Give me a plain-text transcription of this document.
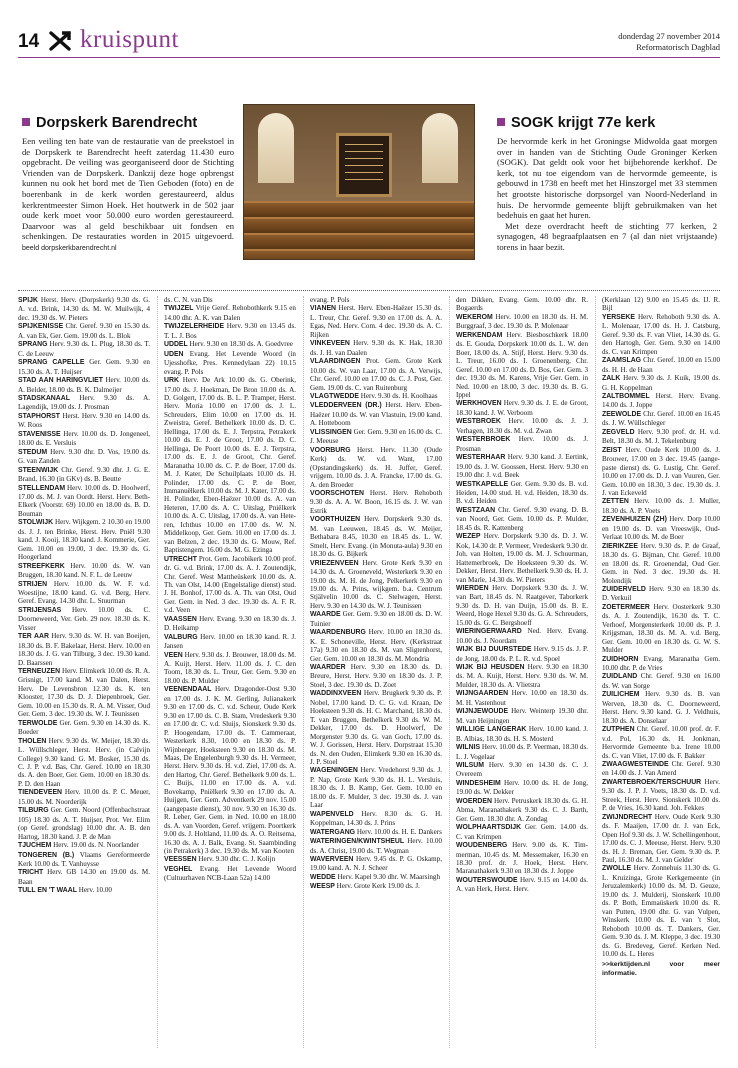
14 kruispunt	donderdag 27 november 2014
Reformatorisch Dagblad
Dorpskerk Barendrecht

Een veiling ten bate van de restauratie van de preekstoel in de Dorpskerk te Barendrecht heeft zaterdag 11.430 euro opgebracht. De veiling was georganiseerd door de Stichting Vrienden van de Dorpskerk. Dankzij deze hoge opbrengst kunnen nu ook het bord met de Tien Geboden (foto) en de boerenbank in de kerk worden gerestaureerd, aldus kerkrentmeester Simon Hoek. Het houtwerk in de 502 jaar oude kerk moet voor 50.000 euro worden gerestaureerd. Daarvoor was al geld beschikbaar uit fondsen en schenkingen. De restauraties worden in 2015 uitgevoerd. beeld dorpskerkbarendrecht.nl

SOGK krijgt 77e kerk

De hervormde kerk in het Groningse Midwolda gaat morgen over in handen van de Stichting Oude Groninger Kerken (SOGK). Dat geldt ook voor het bijbehorende kerkhof. De kerk, tot nu toe eigendom van de hervormde gemeente, is gebouwd in 1738 en heeft met het Hinszorgel met 33 stemmen het grootste historische dorpsorgel van Noord-Nederland in huis. De hervormde gemeente blijft gebruikmaken van het bedehuis en gaat het huren.

Met deze overdracht heeft de stichting 77 kerken, 2 synagogen, 48 begraafplaatsen en 7 (al dan niet vrijstaande) torens in haar bezit.

SPIJK Herst. Herv. (Dorpskerk) 9.30 ds. G. A. v.d. Brink, 14.30 ds. M. W. Muilwijk, 4 dec. 19.30 ds. W. Pieters

SPIJKENISSE Chr. Geref. 9.30 en 15.30 ds. A. van Ek, Ger. Gem. 19.00 ds. L. Blok

SPRANG Herv. 9.30 ds. L. Plug, 18.30 ds. T. C. de Leeuw

SPRANG CAPELLE Ger. Gem. 9.30 en 15.30 ds. A. T. Huijser

STAD AAN HARINGVLIET Herv. 10.00 ds. A. Belder, 18.00 ds. B. K. Dalmeijer

STADSKANAAL Herv. 9.30 ds. A. Lagendijk, 19.00 ds. J. Prosman

STAPHORST Herst. Herv. 9.30 en 14.00 ds. W. Roos

STAVENISSE Herv. 10.00 ds. D. Jongeneel, 18.00 ds. E. Versluis

STEDUM Herv. 9.30 dhr. D. Vos, 19.00 ds. G. van Zanden

STEENWIJK Chr. Geref. 9.30 dhr. J. G. E. Brand, 16.30 (in GKv) ds. B. Beutte

STELLENDAM Herv. 10.00 ds. D. Hoolwerf, 17.00 ds. M. J. van Oordt. Herst. Herv. Beth-Elkerk (Voorstr. 69) 10.00 en 18.00 ds. B. D. Bouman

STOLWIJK Herv. Wijkgem. 2 10.30 en 19.00 ds. J. J. ten Brinke, Herst. Herv. Pniël 9.30 kand. J. Kooij, 18.30 kand. J. Kommerie, Ger. Gem. 10.00 en 19.00, 3 dec. 19.30 ds. G. Hoogerland

STREEFKERK Herv. 10.00 ds. W. van Bruggen, 18.30 kand. N. F. L. de Leeuw

STRIJEN Herv. 10.00 ds. W. F. v.d. Woestijne, 18.00 kand. G. v.d. Berg, Herv. Geref. Evang. 14.30 dhr. L. Stuurman

STRIJENSAS Herv. 10.00 ds. C. Doorneweerd, Ver. Geb. 29 nov. 18.30 ds. K. Visser

TER AAR Herv. 9.30 ds. W. H. van Boeijen, 18.30 ds. B. F. Bakelaar, Herst. Herv. 10.00 en 18.30 ds. J. G. van Tilburg, 3 dec. 19.30 kand. D. Baarssen

TERNEUZEN Herv. Elimkerk 10.00 ds. R. A. Grisnigt, 17.00 kand. M. van Dalen, Herst. Herv. De Levensbron 12.30 ds. K. ten Klooster, 17.30 ds. D. J. Diepenbroek, Ger. Gem. 10.00 en 15.30 ds. R. A. M. Visser, Oud Ger. Gem. 3 dec. 19.30 ds. W. J. Teunissen

TERWOLDE Ger. Gem. 9.30 en 14.30 ds. K. Boeder

THOLEN Herv. 9.30 ds. W. Meijer, 18.30 ds. L. Wüllschleger, Herst. Herv. (in Calvijn College) 9.30 kand. G. M. Bosker, 15.30 ds. C. J. P. v.d. Bas, Chr. Geref. 10.00 en 18.30 ds. A. den Boer, Ger. Gem. 10.00 en 18.30 ds. P. D. den Haan

TIENDEVEEN Herv. 10.00 ds. P. C. Meuer, 15.00 ds. M. Noorderijk

TILBURG Ger. Gem. Noord (Offenbachstraat 105) 18.30 ds. A. T. Huijser, Prot. Ver. Elim (op Geref. grondslag) 10.00 dhr. A. B. den Hartog, 18.30 kand. J. P. de Man

TJUCHEM Herv. 19.00 ds. N. Noorlander

TONGEREN (B.) Vlaams Gereformeerde Kerk 10.00 ds. T. Vanhuysse

TRICHT Herv. GB 14.30 en 19.00 ds. M. Baan

TULL EN 'T WAAL Herv. 10.00

ds. C. N. van Dis

TWIJZEL Vrije Geref. Rehobothkerk 9.15 en 14.00 dhr. A. K. van Dalen

TWIJZELERHEIDE Herv. 9.30 en 13.45 ds. T. L. J. Bos

UDDEL Herv. 9.30 en 18.30 ds. A. Goedvree

UDEN Evang. Het Levende Woord (in Ujesshofke, Pres. Kennedylaan 22) 10.15 evang. P. Pols

URK Herv. De Ark 10.00 ds. G. Oberink, 17.00 ds. J. Hoekman, De Bron 10.00 ds. A. D. Golgert, 17.00 ds. B. L. P. Tramper, Herst. Herv. Moria 10.00 en 17.00 ds. J. L. Schreuders, Elim 10.00 en 17.00 ds. H. Zweistra, Geref. Bethelkerk 10.00 ds. D. C. Hellinga, 17.00 ds. E. J. Terpstra, Petrakerk 10.00 ds. E. J. de Groot, 17.00 ds. D. C. Hellinga, De Poort 10.00 ds. E. J. Terpstra, 17.00 ds. E. J. de Groot, Chr. Geref. Maranatha 10.00 ds. C. P. de Boer, 17.00 ds. M. J. Kater, De Schuilplaats 10.00 ds. H. Polinder, 17.00 ds. C. P. de Boer, Immanuëlkerk 10.00 ds. M. J. Kater, 17.00 ds. H. Polinder, Eben-Haëzer 10.00 ds. A. van Heteren, 17.00 ds. A. C. Uitslag, Pniëlkerk 10.00 ds. A. C. Uitslag, 17.00 ds. A. van Heteren, Ichthus 10.00 en 17.00 ds. W. N. Middelkoop, Ger. Gem. 10.00 en 17.00 ds. J. van Belzen, 2 dec. 19.30 ds. G. Mouw, Ref. Baptistengem. 16.00 ds. M. G. Ezinga

UTRECHT Prot. Gem. Jacobikerk 10.00 prof. dr. G. v.d. Brink, 17.00 ds. A. J. Zoutendijk, Chr. Geref. West Mattheüskerk 10.00 ds. A. Th. van Olst, 14.00 (Engelstalige dienst) stud. J. H. Bonhof, 17.00 ds. A. Th. van Olst, Oud Ger. Gem. in Ned. 3 dec. 19.30 ds. A. F. R. v.d. Veen

VAASSEN Herv. Evang. 9.30 en 18.30 ds. J. D. Heikamp

VALBURG Herv. 10.00 en 18.30 kand. R. J. Jansen

VEEN Herv. 9.30 ds. J. Brouwer, 18.00 ds. M. A. Kuijt, Herst. Herv. 11.00 ds. J. C. den Toom, 18.30 ds. L. Treur, Ger. Gem. 9.30 en 18.00 ds. P. Mulder

VEENENDAAL Herv. Dragonder-Oost 9.30 en 17.00 ds. J. K. M. Gerling, Julianakerk 9.30 en 17.00 ds. C. v.d. Scheur, Oude Kerk 9.30 en 17.00 ds. C. B. Stam, Vredeskerk 9.30 en 17.00 dr. C. v.d. Sluijs, Sionskerk 9.30 ds. P. Hoogendam, 17.00 ds. T. Cammeraat, Westerkerk 8.30, 10.00 en 18.30 ds. P. Wijnberger, Hoeksteen 9.30 en 18.30 ds. M. Maas, De Engelenburgh 9.30 ds. H. Vermeer, Herst. Herv. 9.30 ds. H. v.d. Ziel, 17.00 ds. A. den Hartog, Chr. Geref. Bethelkerk 9.00 ds. L. C. Buijs, 11.00 en 17.00 ds. A. v.d. Bovekamp, Pniëlkerk 9.30 en 17.00 ds. A. Huijgen, Ger. Gem. Adventkerk 29 nov. 15.00 (aangepaste dienst), 30 nov. 9.30 en 16.30 ds. R. Leber, Ger. Gem. in Ned. 10.00 en 18.00 ds. A. van Voorden, Geref. vrijgem. Poortkerk 9.00 ds. J. Holtland, 11.00 ds. A. O. Reitsema, 16.30 ds. A. J. Balk, Evang. St. Saambinding (in Petrakerk) 3 dec. 19.30 ds. M. van Kooten

VEESSEN Herv. 9.30 dhr. C. J. Kolijn

VEGHEL Evang. Het Levende Woord (Cultuurhaven NCB-Laan 52a) 14.00

evang. P. Pols

VIANEN Herst. Herv. Eben-Haëzer 15.30 ds. L. Treur, Chr. Geref. 9.30 en 17.00 ds. A. A. Egas, Ned. Herv. Com. 4 dec. 19.30 ds. A. C. Rijken

VINKEVEEN Herv. 9.30 ds. K. Hak, 18.30 ds. J. H. van Daalen

VLAARDINGEN Prot. Gem. Grote Kerk 10.00 ds. W. van Laar, 17.00 ds. A. Verwijs, Chr. Geref. 10.00 en 17.00 ds. C. J. Post, Ger. Gem. 19.00 ds. C. van Ruitenburg

VLAGTWEDDE Herv. 9.30 ds. H. Koolhaas

VLEDDERVEEN (DR.) Herst. Herv. Eben-Haëzer 10.00 ds. W. van Vlastuin, 19.00 kand. A. Hotteboom

VLISSINGEN Ger. Gem. 9.30 en 16.00 ds. C. J. Meeuse

VOORBURG Herst. Herv. 11.30 (Oude Kerk) ds. W. v.d. Want, 17.00 (Opstandingskerk) ds. H. Juffer, Geref. vrijgem. 10.00 ds. J. A. Francke, 17.00 ds. G. A. den Broeder

VOORSCHOTEN Herst. Herv. Rehoboth 9.30 ds. A. A. W. Boon, 16.15 ds. J. W. van Estrik

VOORTHUIZEN Herv. Dorpskerk 9.30 ds. M. van Leeuwen, 18.45 ds. W. Meijer, Bethabara 8.45, 10.30 en 18.45 ds. L. W. Smelt, Herv. Evang. (in Monuta-aula) 9.30 en 18.30 ds. G. Bijkerk

VRIEZENVEEN Herv. Grote Kerk 9.30 en 14.30 ds. A. Groeneveld, Westerkerk 9.30 en 19.00 ds. M. H. de Jong, Pelkerkerk 9.30 en 19.00 ds. A. Prins, wijkgem. b.a. Centrum Stjälvelin 10.00 ds. C. Stelwagen, Herst. Herv. 9.30 en 14.30 ds. W. J. Teunissen

WAARDE Ger. Gem. 9.30 en 18.00 ds. D. W. Tuinier

WAARDENBURG Herv. 10.00 en 18.30 ds. K. E. Schoneville, Herst. Herv. (Kerkstraat 17a) 9.30 en 18.30 ds. M. van Sligtenhorst, Ger. Gem. 10.00 en 18.30 ds. M. Mondria

WAARDER Herv. 9.30 en 18.30 ds. D. Breure, Herst. Herv. 9.30 en 18.30 ds. J. P. Stoel, 3 dec. 19.30 ds. D. Zoet

WADDINXVEEN Herv. Brugkerk 9.30 ds. P. Nobel, 17.00 kand. D. C. G. v.d. Kraan, De Hoeksteen 9.30 ds. H. C. Marchand, 18.30 ds. T. van Bruggen, Bethelkerk 9.30 ds. W. M. Dekker, 17.00 ds. D. Hoolwerf, De Morgenster 9.30 ds. G. van Goch, 17.00 ds. W. J. Gorissen, Herst. Herv. Dorpstraat 15.30 ds. N. den Ouden, Elimkerk 9.30 en 16.30 ds. J. P. Stoel

WAGENINGEN Herv. Vredehorst 9.30 ds. J. P. Nap, Grote Kerk 9.30 ds. H. L. Versluis, 18.30 ds. J. B. Kamp, Ger. Gem. 10.00 en 18.00 ds. F. Mulder, 3 dec. 19.30 ds. J. van Laar

WAPENVELD Herv. 8.30 ds. G. H. Koppelman, 14.30 ds. J. Prins

WATERGANG Herv. 10.00 ds. H. E. Dankers

WATERINGEN/KWINTSHEUL Herv. 10.00 ds. A. Christ, 19.00 ds. T. Wegman

WAVERVEEN Herv. 9.45 ds. P. G. Oskamp, 19.00 kand. A. N. J. Scheer

WEDDE Herv. Kapel 9.30 dhr. W. Maarsingh

WEESP Herv. Grote Kerk 19.00 ds. J.

den Dikken, Evang. Gem. 10.00 dhr. R. Bogaerds

WEKEROM Herv. 10.00 en 18.30 ds. H. M. Burggraaf, 3 dec. 19.30 ds. P. Molenaar

WERKENDAM Herv. Biesboschkerk 18.00 ds. E. Gouda, Dorpskerk 10.00 ds. L. W. den Boer, 18.00 ds. A. Stijf, Herst. Herv. 9.30 ds. L. Treur, 16.00 ds. I. Groenenberg, Chr. Geref. 10.00 en 17.00 ds. D. Bos, Ger. Gem. 3 dec. 19.30 ds. M. Karens, Vrije Ger. Gem. in Ned. 10.00 en 18.00, 3 dec. 19.30 ds. B. G. Ippel

WERKHOVEN Herv. 9.30 ds. J. E. de Groot, 18.30 kand. J. W. Verboom

WESTBROEK Herv. 10.00 ds. J. J. Verhagen, 18.30 ds. M. v.d. Zwan

WESTERBROEK Herv. 10.00 ds. J. Prosman

WESTERHAAR Herv. 9.30 kand. J. Eertink, 19.00 ds. J. W. Goossen, Herst. Herv. 9.30 en 19.00 dhr. J. v.d. Beek

WESTKAPELLE Ger. Gem. 9.30 ds. B. v.d. Heiden, 14.00 stud. H. v.d. Heiden, 18.30 ds. B. v.d. Heiden

WESTZAAN Chr. Geref. 9.30 evang. D. B. van Noord, Ger. Gem. 10.00 ds. P. Mulder, 18.45 ds. R. Kattenberg

WEZEP Herv. Dorpskerk 9.30 ds. D. J. W. Kok, 14.30 dr. P. Vermeer, Vredeskerk 9.30 dr. Joh. van Holten, 19.00 ds. M. J. Schuurman, Hattemerbroek, De Hoeksteen 9.30 ds. W. Dekker, Herst. Herv. Bethelkerk 9.30 ds. H. J. van Marle, 14.30 ds. W. Pieters

WIERDEN Herv. Dorpskerk 9.30 ds. J. W. van Bart, 18.45 ds. N. Raatgever, Taborkerk 9.30 ds. D. H. van Duijn, 15.00 ds. B. E. Weerd, Hoge Hexel 9.30 ds. G. A. Schreuders, 15.00 ds. G. C. Bergshoeff

WIERINGERWAARD Ned. Herv. Evang. 10.00 ds. J. Noordam

WIJK BIJ DUURSTEDE Herv. 9.15 ds. J. P. de Jong, 18.00 ds. P. L. R. v.d. Spoel

WIJK BIJ HEUSDEN Herv. 9.30 en 18.30 ds. M. A. Kuijt, Herst. Herv. 9.30 ds. W. M. Mulder, 18.30 ds. A. Vlietstra

WIJNGAARDEN Herv. 10.00 en 18.30 ds. M. H. Vastenhout

WIJNJEWOUDE Herv. Weinterp 19.30 dhr. M. van Heijningen

WILLIGE LANGERAK Herv. 10.00 kand. J. B. Albias, 18.30 ds. H. S. Mosterd

WILNIS Herv. 10.00 ds. P. Veerman, 18.30 ds. L. J. Vogelaar

WILSUM Herv. 9.30 en 14.30 ds. C. J. Overeem

WINDESHEIM Herv. 10.00 ds. H. de Jong, 19.00 ds. W. Dekker

WOERDEN Herv. Petruskerk 18.30 ds. G. H. Abma, Maranathakerk 9.30 ds. C. J. Barth, Ger. Gem. 18.30 dhr. A. Zondag

WOLPHAARTSDIJK Ger. Gem. 14.00 ds. C. van Krimpen

WOUDENBERG Herv. 9.00 ds. K. Timmerman, 10.45 ds. M. Messemaker, 16.30 en 18.30 prof. dr. J. Hoek, Herst. Herv. Maranathakerk 9.30 en 18.30 ds. J. Joppe

WOUTERSWOUDE Herv. 9.15 en 14.00 ds. A. van Herk, Herst. Herv.

(Kerklaan 12) 9.00 en 15.45 ds. IJ. R. Bijl

YERSEKE Herv. Rehoboth 9.30 ds. A. L. Molenaar, 17.00 ds. H. J. Catsburg, Geref. 9.30 ds. F. van Vliet, 14.30 ds. G. den Hartogh, Ger. Gem. 9.30 en 14.00 ds. C. van Krimpen

ZAAMSLAG Chr. Geref. 10.00 en 15.00 ds. H. H. de Haan

ZALK Herv. 9.30 ds. J. Kuik, 19.00 ds. G. H. Koppelman

ZALTBOMMEL Herst. Herv. Evang. 14.00 ds. J. Joppe

ZEEWOLDE Chr. Geref. 10.00 en 16.45 ds. J. W. Wüllschleger

ZEGVELD Herv. 9.30 prof. dr. H. v.d. Belt, 18.30 ds. M. J. Tekelenburg

ZEIST Herv. Oude Kerk 10.00 ds. J. Brouwer, 17.00 en 3 dec. 19.45 (aangepaste dienst) ds. G. Lustig, Chr. Geref. 10.00 en 17.00 ds. D. J. van Vuuren, Ger. Gem. 10.00 en 18.30, 3 dec. 19.30 ds. J. J. van Eckeveld

ZETTEN Herv. 10.00 ds. J. Muller, 18.30 ds. A. P. Voets

ZEVENHUIZEN (ZH) Herv. Dorp 10.00 en 19.00 ds. D. van Vreeswijk, Oud-Verlaat 10.00 ds. M. de Boer

ZIERIKZEE Herv. 9.30 ds. P. de Graaf, 18.30 ds. G. Bijman, Chr. Geref. 10.00 en 18.00 ds. R. Groenendal, Oud Ger. Gem. in Ned. 3 dec. 19.30 ds. H. Molendijk

ZUIDERVELD Herv. 9.30 en 18.30 ds. D. Verkuil

ZOETERMEER Herv. Oosterkerk 9.30 ds. A. J. Zoutendijk, 16.30 ds. T. C. Verhoef, Morgensterkerk 10.00 ds. P. J. Krijgsman, 18.30 ds. M. A. v.d. Berg, Ger. Gem. 10.00 en 18.30 ds. G. W. S. Mulder

ZUIDHORN Evang. Maranatha Gem. 10.00 dhr. P. de Vries

ZUIDLAND Chr. Geref. 9.30 en 16.00 ds. W. van Sorge

ZUILICHEM Herv. 9.30 ds. B. van Werven, 18.30 ds. C. Doorneweerd, Herst. Herv. 9.30 kand. G. J. Veldhuis, 18.30 ds. A. Donselaar

ZUTPHEN Chr. Geref. 10.00 prof. dr. F. v.d. Pol, 16.30 ds. H. Jonkman, Hervormde Gemeente b.a. Irene 10.00 ds. C. van Vliet, 17.00 ds. F. Bakker

ZWAAGWESTEINDE Chr. Geref. 9.30 en 14.00 ds. J. Van Amerd

ZWARTEBROEK/TERSCHUUR Herv. 9.30 ds. J. P. J. Voets, 18.30 ds. D. v.d. Streek, Herst. Herv. Sionskerk 10.00 ds. P. de Vries, 16.30 kand. Joh. Fekkes

ZWIJNDRECHT Herv. Oude Kerk 9.30 ds. F. Maaijen, 17.00 dr. J. van Eck, Open Hof 9.30 ds. J. W. Schellingenhout, 17.00 ds. C. J. Meeuse, Herst. Herv. 9.30 ds. H. J. Breman, Ger. Gem. 9.30 ds. P. Paul, 16.30 ds. M. J. van Gelder

ZWOLLE Herv. Zonnehuis 11.30 ds. G. L. Kruizinga, Grote Kerkgemeente (in Jeruzalemkerk) 10.00 ds. M. D. Geuze, 19.00 ds. J. Mulderij, Sionskerk 10.00 ds. P. Both, Emmaüskerk 10.00 ds. R. van Putten, 19.00 dhr. G. van Vulpen, Winskerk 10.00 ds. E. van 't Slot, Rehoboth 10.00 ds. T. Dankers, Ger. Gem. 9.30 ds. J. M. Kleppe, 3 dec. 19.30 ds. G. Bredeveg, Geref. Kerken Ned. 10.00 ds. L. Heres

>>kerktijden.nl voor meer informatie.
